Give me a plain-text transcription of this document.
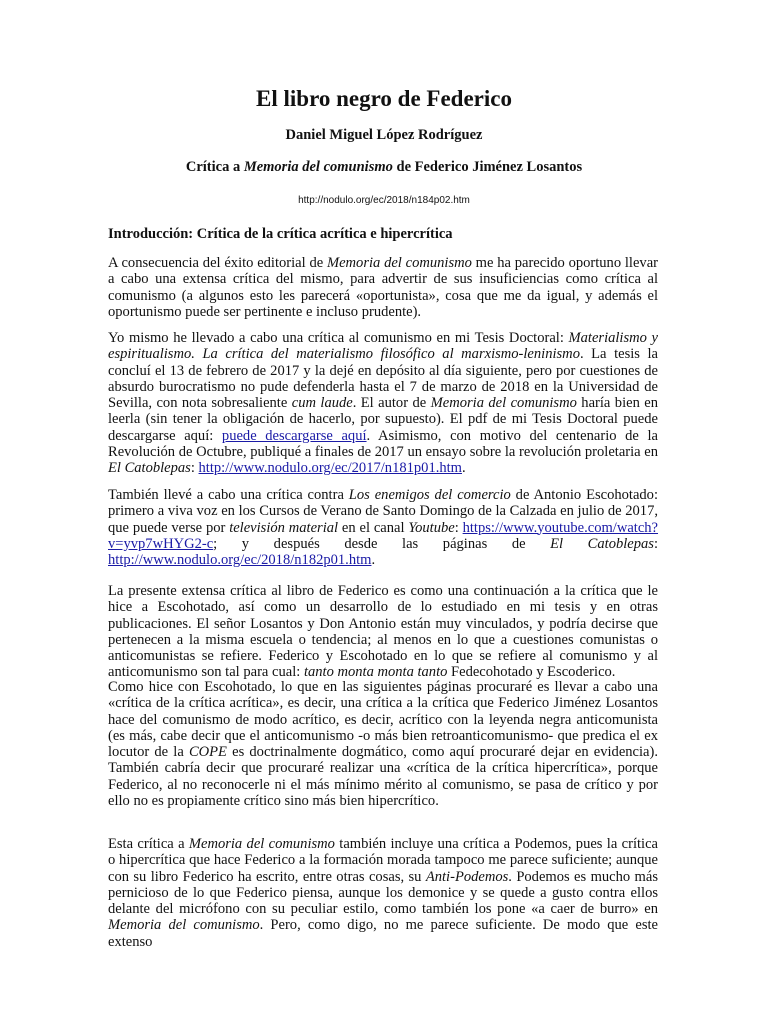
El libro negro de Federico
Daniel Miguel López Rodríguez
Crítica a Memoria del comunismo de Federico Jiménez Losantos
http://nodulo.org/ec/2018/n184p02.htm
Introducción: Crítica de la crítica acrítica e hipercrítica
A consecuencia del éxito editorial de Memoria del comunismo me ha parecido oportuno llevar a cabo una extensa crítica del mismo, para advertir de sus insuficiencias como crítica al comunismo (a algunos esto les parecerá «oportunista», cosa que me da igual, y además el oportunismo puede ser pertinente e incluso prudente).
Yo mismo he llevado a cabo una crítica al comunismo en mi Tesis Doctoral: Materialismo y espiritualismo. La crítica del materialismo filosófico al marxismo-leninismo. La tesis la concluí el 13 de febrero de 2017 y la dejé en depósito al día siguiente, pero por cuestiones de absurdo burocratismo no pude defenderla hasta el 7 de marzo de 2018 en la Universidad de Sevilla, con nota sobresaliente cum laude. El autor de Memoria del comunismo haría bien en leerla (sin tener la obligación de hacerlo, por supuesto). El pdf de mi Tesis Doctoral puede descargarse aquí: puede descargarse aquí. Asimismo, con motivo del centenario de la Revolución de Octubre, publiqué a finales de 2017 un ensayo sobre la revolución proletaria en El Catoblepas: http://www.nodulo.org/ec/2017/n181p01.htm.
También llevé a cabo una crítica contra Los enemigos del comercio de Antonio Escohotado: primero a viva voz en los Cursos de Verano de Santo Domingo de la Calzada en julio de 2017, que puede verse por televisión material en el canal Youtube: https://www.youtube.com/watch?v=yvp7wHYG2-c; y después desde las páginas de El Catoblepas: http://www.nodulo.org/ec/2018/n182p01.htm.
La presente extensa crítica al libro de Federico es como una continuación a la crítica que le hice a Escohotado, así como un desarrollo de lo estudiado en mi tesis y en otras publicaciones. El señor Losantos y Don Antonio están muy vinculados, y podría decirse que pertenecen a la misma escuela o tendencia; al menos en lo que a cuestiones comunistas o anticomunistas se refiere. Federico y Escohotado en lo que se refiere al comunismo y al anticomunismo son tal para cual: tanto monta monta tanto Fedecohotado y Escoderico.
Como hice con Escohotado, lo que en las siguientes páginas procuraré es llevar a cabo una «crítica de la crítica acrítica», es decir, una crítica a la crítica que Federico Jiménez Losantos hace del comunismo de modo acrítico, es decir, acrítico con la leyenda negra anticomunista (es más, cabe decir que el anticomunismo -o más bien retroanticomunismo- que predica el ex locutor de la COPE es doctrinalmente dogmático, como aquí procuraré dejar en evidencia). También cabría decir que procuraré realizar una «crítica de la crítica hipercrítica», porque Federico, al no reconocerle ni el más mínimo mérito al comunismo, se pasa de crítico y por ello no es propiamente crítico sino más bien hipercrítico.
Esta crítica a Memoria del comunismo también incluye una crítica a Podemos, pues la crítica o hipercrítica que hace Federico a la formación morada tampoco me parece suficiente; aunque con su libro Federico ha escrito, entre otras cosas, su Anti-Podemos. Podemos es mucho más pernicioso de lo que Federico piensa, aunque los demonice y se quede a gusto contra ellos delante del micrófono con su peculiar estilo, como también los pone «a caer de burro» en Memoria del comunismo. Pero, como digo, no me parece suficiente. De modo que este extenso
